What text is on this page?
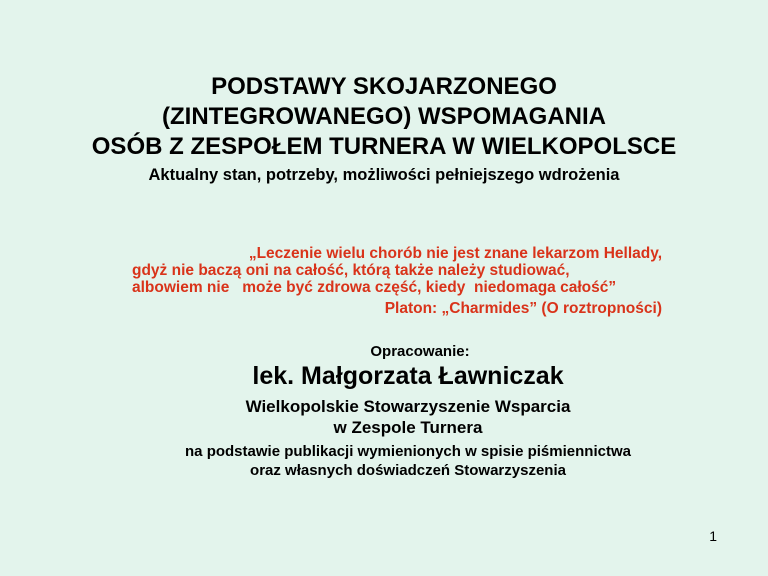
PODSTAWY SKOJARZONEGO
(ZINTEGROWANEGO) WSPOMAGANIA
OSÓB Z ZESPOŁEM TURNERA W WIELKOPOLSCE
Aktualny stan, potrzeby, możliwości pełniejszego wdrożenia
„Leczenie wielu chorób nie jest znane lekarzom Hellady,
gdyż nie baczą oni na całość, którą także należy studiować,
albowiem nie   może być zdrowa część, kiedy  niedomaga całość”
Platon: „Charmides” (O roztropności)
Opracowanie:
lek. Małgorzata Ławniczak
Wielkopolskie Stowarzyszenie Wsparcia
w Zespole Turnera
na podstawie publikacji wymienionych w spisie piśmiennictwa
oraz własnych doświadczeń Stowarzyszenia
1
